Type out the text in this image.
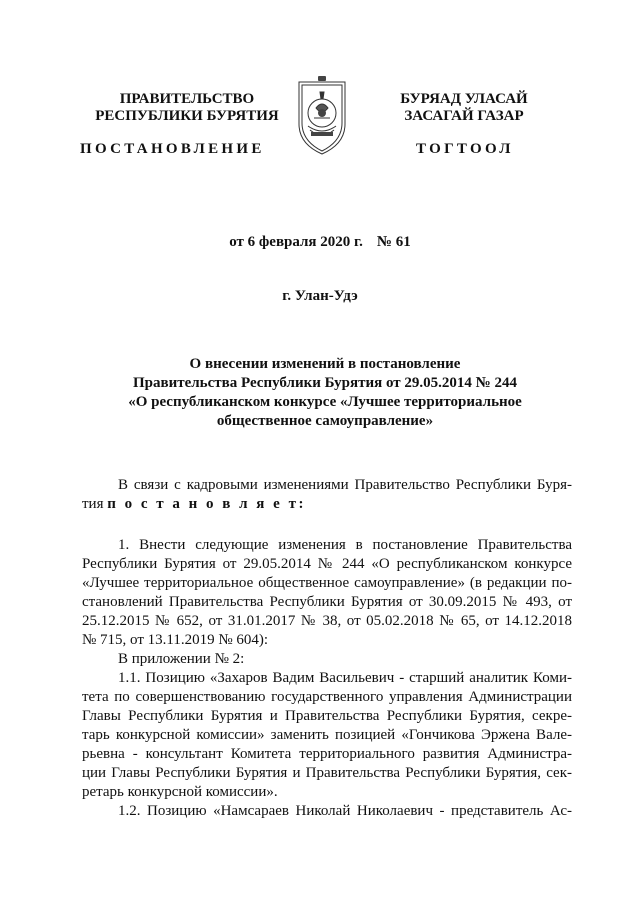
ПРАВИТЕЛЬСТВО
РЕСПУБЛИКИ БУРЯТИЯ
БУРЯАД УЛАСАЙ
ЗАСАГАЙ ГАЗАР
ПОСТАНОВЛЕНИЕ	ТОГТООЛ
от 6 февраля 2020 г. № 61
г. Улан-Удэ
О внесении изменений в постановление
Правительства Республики Бурятия от 29.05.2014 № 244
«О республиканском конкурсе «Лучшее территориальное
общественное самоуправление»
В связи с кадровыми изменениями Правительство Республики Буря-
тия п о с т а н о в л я е т:
1. Внести следующие изменения в постановление Правительства
Республики Бурятия от 29.05.2014 № 244 «О республиканском конкурсе
«Лучшее территориальное общественное самоуправление» (в редакции по-
становлений Правительства Республики Бурятия от 30.09.2015 № 493, от
25.12.2015 № 652, от 31.01.2017 № 38, от 05.02.2018 № 65, от 14.12.2018
№ 715, от 13.11.2019 № 604):
В приложении № 2:
1.1. Позицию «Захаров Вадим Васильевич - старший аналитик Коми-
тета по совершенствованию государственного управления Администрации
Главы Республики Бурятия и Правительства Республики Бурятия, секре-
тарь конкурсной комиссии» заменить позицией «Гончикова Эржена Вале-
рьевна - консультант Комитета территориального развития Администра-
ции Главы Республики Бурятия и Правительства Республики Бурятия, сек-
ретарь конкурсной комиссии».
1.2. Позицию «Намсараев Николай Николаевич - представитель Ас-
